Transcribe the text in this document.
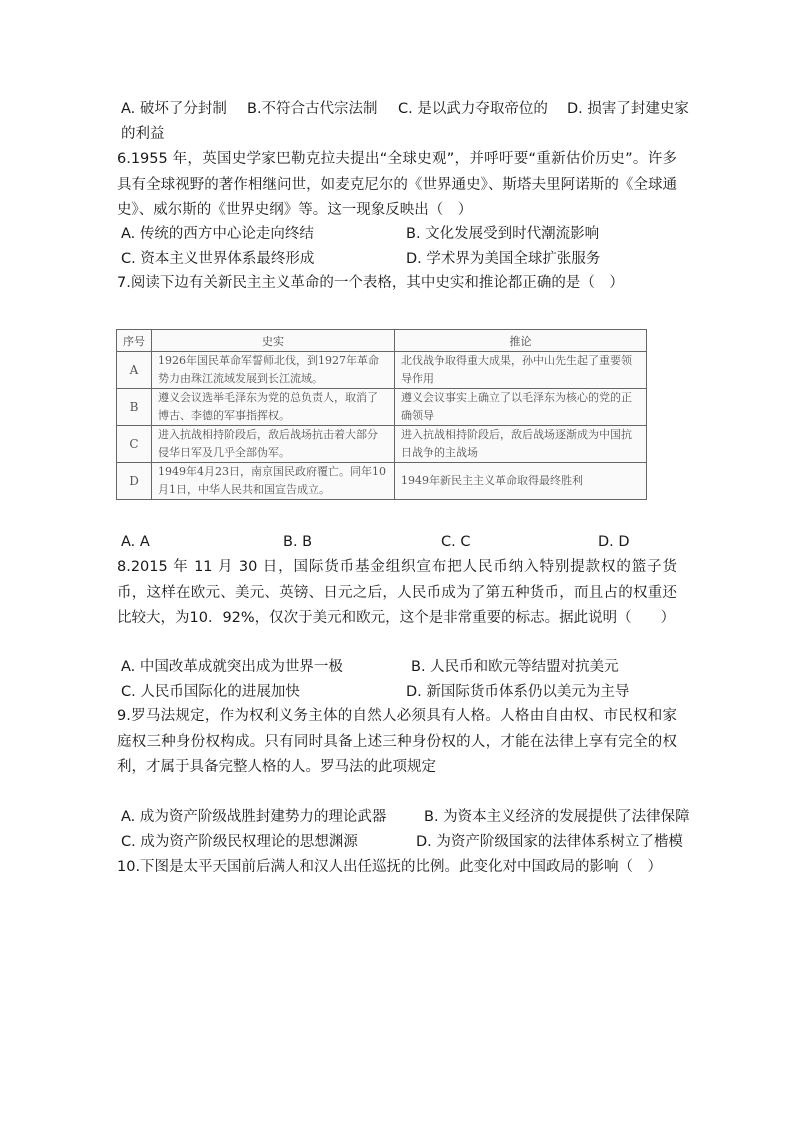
A. 破坏了分封制 B.不符合古代宗法制 C. 是以武力夺取帝位的 D. 损害了封建史家
的利益
6.1955 年，英国史学家巴勒克拉夫提出“全球史观”，并呼吁要“重新估价历史”。许多具有全球视野的著作相继问世，如麦克尼尔的《世界通史》、斯塔夫里阿诺斯的《全球通史》、威尔斯的《世界史纲》等。这一现象反映出（　）
A. 传统的西方中心论走向终结	B. 文化发展受到时代潮流影响
C. 资本主义世界体系最终形成	D. 学术界为美国全球扩张服务
7.阅读下边有关新民主主义革命的一个表格，其中史实和推论都正确的是（　）
序号	史实	推论
A	1926年国民革命军誓师北伐，到1927年革命势力由珠江流域发展到长江流域。	北伐战争取得重大成果，孙中山先生起了重要领导作用
B	遵义会议选举毛泽东为党的总负责人，取消了博古、李德的军事指挥权。	遵义会议事实上确立了以毛泽东为核心的党的正确领导
C	进入抗战相持阶段后，敌后战场抗击着大部分侵华日军及几乎全部伪军。	进入抗战相持阶段后，敌后战场逐渐成为中国抗日战争的主战场
D	1949年4月23日，南京国民政府覆亡。同年10月1日，中华人民共和国宣告成立。	1949年新民主主义革命取得最终胜利
A. A	B. B	C. C	D. D
8.2015 年 11 月 30 日，国际货币基金组织宣布把人民币纳入特别提款权的篮子货币，这样在欧元、美元、英镑、日元之后，人民币成为了第五种货币，而且占的权重还比较大，为10．92%，仅次于美元和欧元，这个是非常重要的标志。据此说明（　　）
A. 中国改革成就突出成为世界一极	B. 人民币和欧元等结盟对抗美元
C. 人民币国际化的进展加快	D. 新国际货币体系仍以美元为主导
9.罗马法规定，作为权利义务主体的自然人必须具有人格。人格由自由权、市民权和家庭权三种身份权构成。只有同时具备上述三种身份权的人，才能在法律上享有完全的权利，才属于具备完整人格的人。罗马法的此项规定
A. 成为资产阶级战胜封建势力的理论武器	B. 为资本主义经济的发展提供了法律保障
C. 成为资产阶级民权理论的思想渊源	D. 为资产阶级国家的法律体系树立了楷模
10.下图是太平天国前后满人和汉人出任巡抚的比例。此变化对中国政局的影响（　）
